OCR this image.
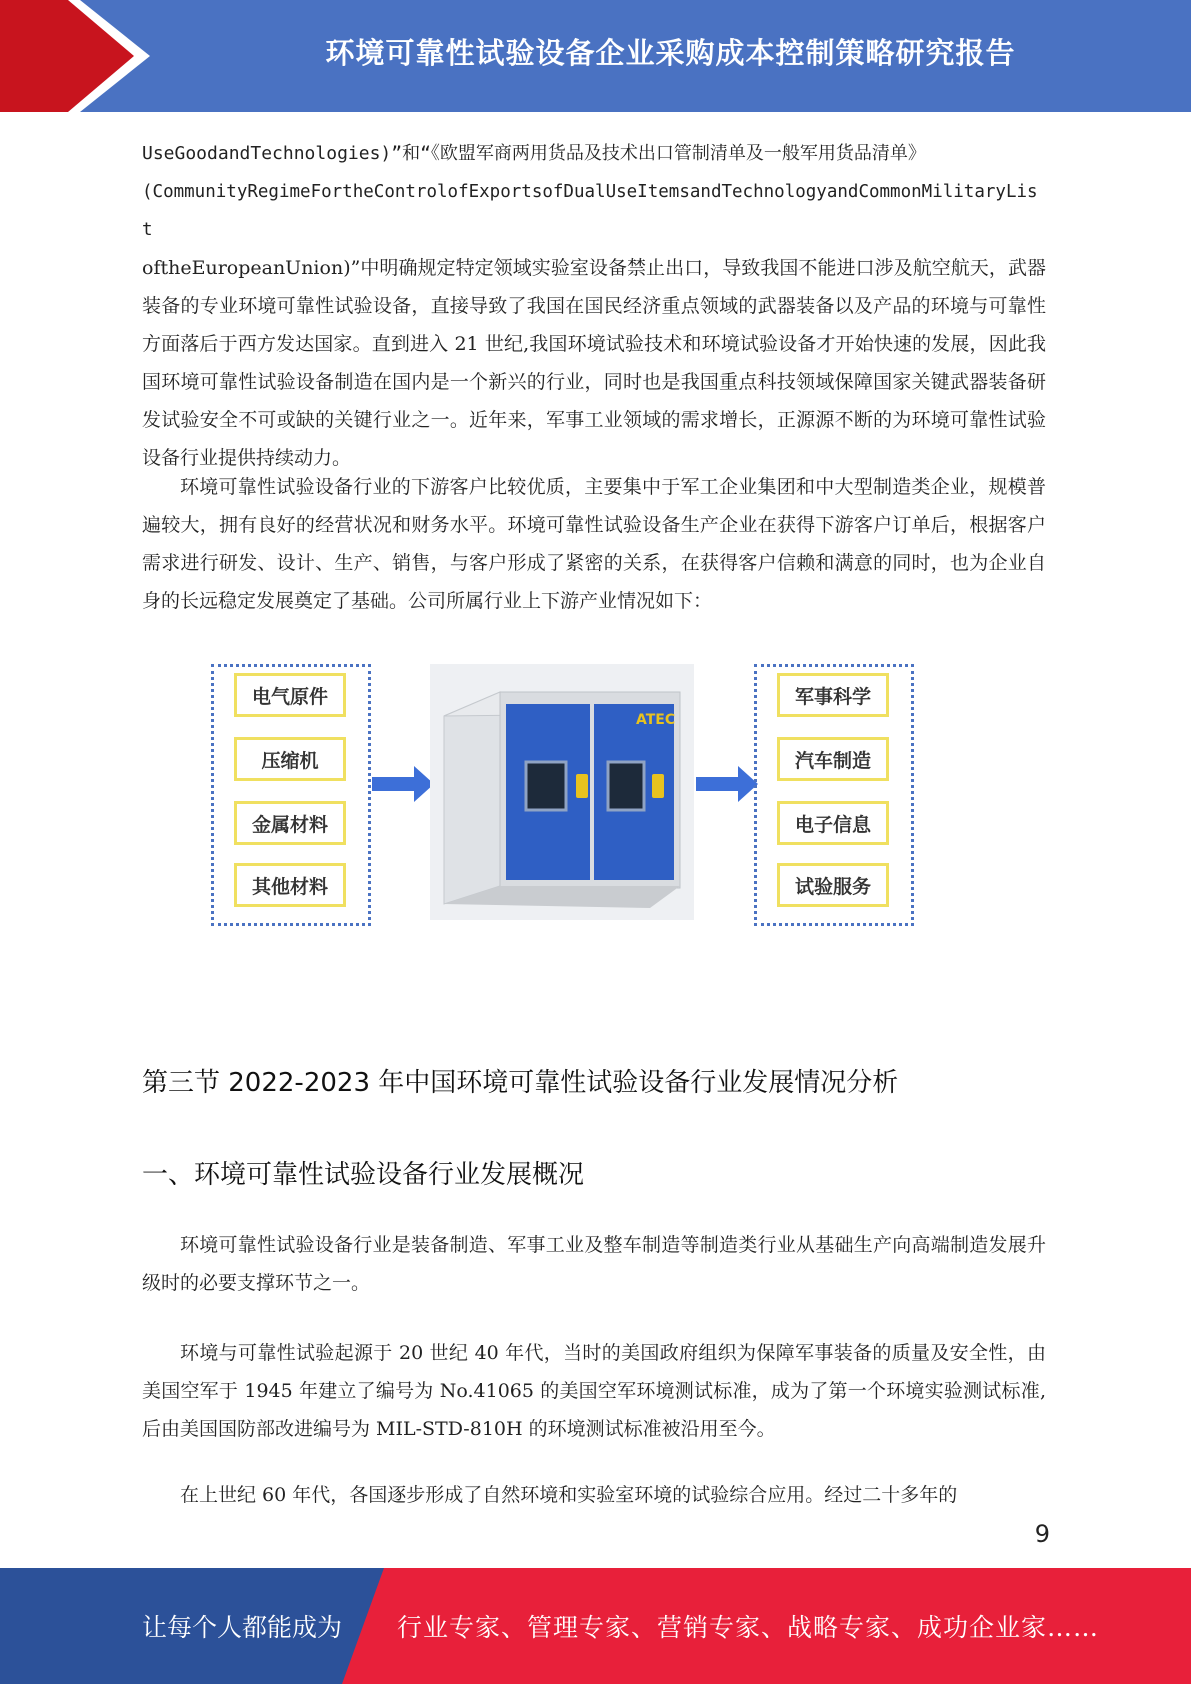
环境可靠性试验设备企业采购成本控制策略研究报告

UseGoodandTechnologies)”和“《欧盟军商两用货品及技术出口管制清单及一般军用货品清单》

(CommunityRegimeFortheControlofExportsofDualUseItemsandTechnologyandCommonMilitaryList

oftheEuropeanUnion)”中明确规定特定领域实验室设备禁止出口，导致我国不能进口涉及航空航天，武器装备的专业环境可靠性试验设备，直接导致了我国在国民经济重点领域的武器装备以及产品的环境与可靠性方面落后于西方发达国家。直到进入 21 世纪,我国环境试验技术和环境试验设备才开始快速的发展，因此我国环境可靠性试验设备制造在国内是一个新兴的行业，同时也是我国重点科技领域保障国家关键武器装备研发试验安全不可或缺的关键行业之一。近年来，军事工业领域的需求增长，正源源不断的为环境可靠性试验设备行业提供持续动力。

环境可靠性试验设备行业的下游客户比较优质，主要集中于军工企业集团和中大型制造类企业，规模普遍较大，拥有良好的经营状况和财务水平。环境可靠性试验设备生产企业在获得下游客户订单后，根据客户需求进行研发、设计、生产、销售，与客户形成了紧密的关系，在获得客户信赖和满意的同时，也为企业自身的长远稳定发展奠定了基础。公司所属行业上下游产业情况如下：

电气原件
压缩机
金属材料
其他材料
ATEC
军事科学
汽车制造
电子信息
试验服务
第三节 2022-2023 年中国环境可靠性试验设备行业发展情况分析
一、环境可靠性试验设备行业发展概况

环境可靠性试验设备行业是装备制造、军事工业及整车制造等制造类行业从基础生产向高端制造发展升级时的必要支撑环节之一。

环境与可靠性试验起源于 20 世纪 40 年代，当时的美国政府组织为保障军事装备的质量及安全性，由美国空军于 1945 年建立了编号为 No.41065 的美国空军环境测试标准，成为了第一个环境实验测试标准,后由美国国防部改进编号为 MIL-STD-810H 的环境测试标准被沿用至今。

在上世纪 60 年代，各国逐步形成了自然环境和实验室环境的试验综合应用。经过二十多年的

9
让每个人都能成为 行业专家、管理专家、营销专家、战略专家、成功企业家……
